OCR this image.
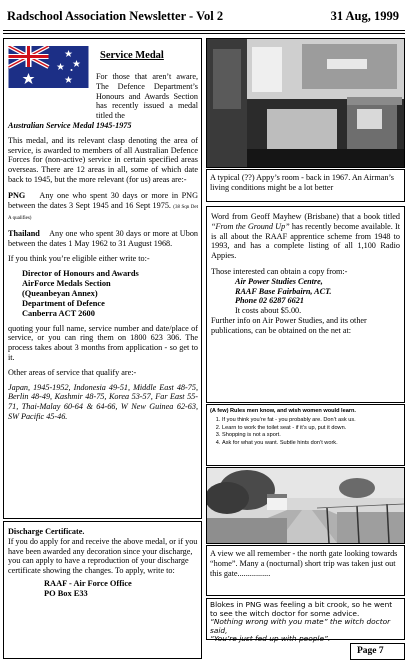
Radschool Association Newsletter - Vol 2	31 Aug, 1999
Service Medal

For those that aren’t aware, The Defence Department’s Honours and Awards Section has recently issued a medal titled the

Australian Service Medal 1945-1975

This medal, and its relevant clasp denoting the area of service, is awarded to members of all Australian Defence Forces for (non-active) service in certain specified areas overseas. There are 12 areas in all, some of which date back to 1945, but the more relevant (for us) areas are:-

PNG Any one who spent 30 days or more in PNG between the dates 3 Sept 1945 and 16 Sept 1975. (38 Sqn Det A qualifies)

Thailand Any one who spent 30 days or more at Ubon between the dates 1 May 1962 to 31 August 1968.

If you think you’re eligible either write to:-

Director of Honours and Awards

AirForce Medals Section

(Queanbeyan Annex)

Department of Defence

Canberra ACT 2600

quoting your full name, service number and date/place of service, or you can ring them on 1800 623 306. The process takes about 3 months from application - so get to it.

Other areas of service that qualify are:-

Japan, 1945-1952, Indonesia 49-51, Middle East 48-75, Berlin 48-49, Kashmir 48-75, Korea 53-57, Far East 55-71, Thai-Malay 60-64 & 64-66, W New Guinea 62-63, SW Pacific 45-46.

Discharge Certificate.

If you do apply for and receive the above medal, or if you have been awarded any decoration since your discharge, you can apply to have a reproduction of your discharge certificate showing the changes. To apply, write to:

RAAF - Air Force Office

PO Box E33

A typical (??) Appy’s room - back in 1967. An Airman’s living conditions might be a lot better

Word from Geoff Mayhew (Brisbane) that a book titled “From the Ground Up” has recently become available. It is all about the RAAF apprentice scheme from 1948 to 1993, and has a complete listing of all 1,100 Radio Appies.

Those interested can obtain a copy from:-

Air Power Studies Centre,

RAAF Base Fairbairn, ACT.

Phone 02 6287 6621

It costs about $5.00.

Further info on Air Power Studies, and its other publications, can be obtained on the net at:

(A few) Rules men know, and wish women would learn.

1. If you think you’re fat - you probably are. Don’t ask us.
2. Learn to work the toilet seat - if it’s up, put it down.
3. Shopping is not a sport.
4. Ask for what you want. Subtle hints don’t work.

A view we all remember - the north gate looking towards “home”. Many a (nocturnal) short trip was taken just out this gate................

Blokes in PNG was feeling a bit crook, so he went to see the witch doctor for some advice.

“Nothing wrong with you mate” the witch doctor said,

“You’re just fed up with people”.

Page 7
